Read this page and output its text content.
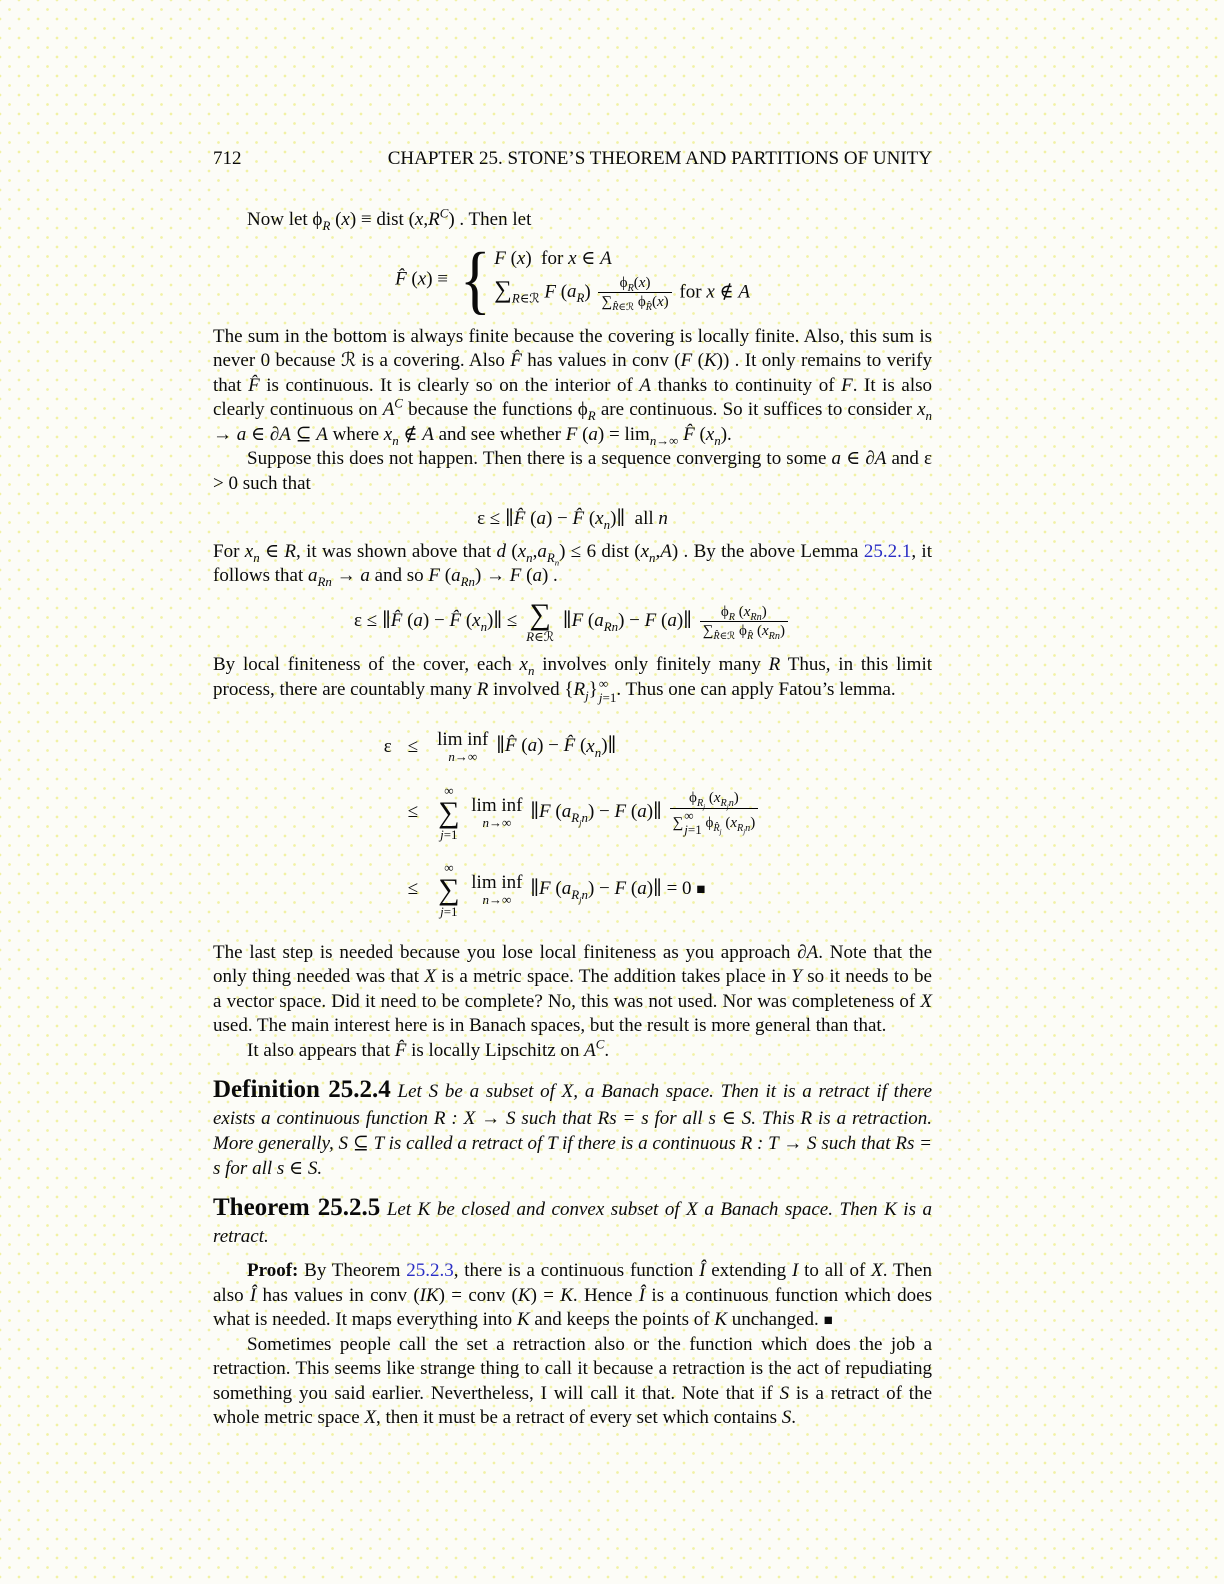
712	CHAPTER 25. STONE’S THEOREM AND PARTITIONS OF UNITY

Now let $\phi_R$ (x) ≡ dist $(x,R^C)$ . Then let

F̂ (x) ≡ { F (x)  for x ∈ A
$\sum_{R\in ℛ}$ F $(a_R) \frac{\phi_R(x)}{\sum_{R̂\in ℛ} \phi_{R̂}(x)}$ for x ∉ A

The sum in the bottom is always finite because the covering is locally finite. Also, this sum is never 0 because ℛ is a covering. Also F̂ has values in conv (F (K)) . It only remains to verify that F̂ is continuous. It is clearly so on the interior of A thanks to continuity of F. It is also clearly continuous on $A^C$ because the functions $\phi_R$ are continuous. So it suffices to consider $x_n \to a$ ∈ ∂A ⊆ A where $x_n$ ∉ A and see whether F $(a) = \lim_{n\to\infty}$ F̂ $(x_n)$.

Suppose this does not happen. Then there is a sequence converging to some a ∈ ∂A and ε > 0 such that

ε ≤ ∥F̂ (a) − F̂ $(x_n)\parallel$  all n

For $x_n$ ∈ R, it was shown above that d $(x_n,a_{R_n}) \le 6$ dist $(x_n,A)$ . By the above Lemma 25.2.1, it follows that $a_{Rn} \to a$ and so F $(a_{Rn}) \to F$ (a) .

ε ≤ ∥F̂ (a) − F̂ $(x_n)\parallel$ ≤ ∑
R∈ℛ
∥F $(a_{Rn}) - F$ (a)∥ $\frac{\phi_R (x_{Rn})}{\sum_{R̂\in ℛ} \phi_{R̂} (x_{Rn})}$

By local finiteness of the cover, each $x_n$ involves only finitely many R Thus, in this limit process, there are countably many R involved $\{R_j\}$ ∞
j=1 . Thus one can apply Fatou’s lemma.

ε	≤	lim inf
n→∞
∥F̂ (a) − F̂ $(x_n)\parallel$
	≤	
∞
∑
j=1

lim inf
n→∞
∥F $(a_{R_jn}) - F$ (a)∥ $\phi_{R_j}$ $(x_{R_jn})$
∑ ∞
j=1 $\phi_{R̂_j}$ $(x_{R_jn})$

	≤	
∞
∑
j=1

lim inf
n→∞
∥F $(a_{R_jn}) - F$ (a)∥ = 0 ■

The last step is needed because you lose local finiteness as you approach ∂A. Note that the only thing needed was that X is a metric space. The addition takes place in Y so it needs to be a vector space. Did it need to be complete? No, this was not used. Nor was completeness of X used. The main interest here is in Banach spaces, but the result is more general than that.

It also appears that F̂ is locally Lipschitz on $A^C$.

Definition 25.2.4 Let S be a subset of X, a Banach space. Then it is a retract if there exists a continuous function R : X → S such that Rs = s for all s ∈ S. This R is a retraction. More generally, S ⊆ T is called a retract of T if there is a continuous R : T → S such that Rs = s for all s ∈ S.

Theorem 25.2.5 Let K be closed and convex subset of X a Banach space. Then K is a retract.

Proof: By Theorem 25.2.3, there is a continuous function Î extending I to all of X. Then also Î has values in conv (IK) = conv (K) = K. Hence Î is a continuous function which does what is needed. It maps everything into K and keeps the points of K unchanged. ■

Sometimes people call the set a retraction also or the function which does the job a retraction. This seems like strange thing to call it because a retraction is the act of repudiating something you said earlier. Nevertheless, I will call it that. Note that if S is a retract of the whole metric space X, then it must be a retract of every set which contains S.
